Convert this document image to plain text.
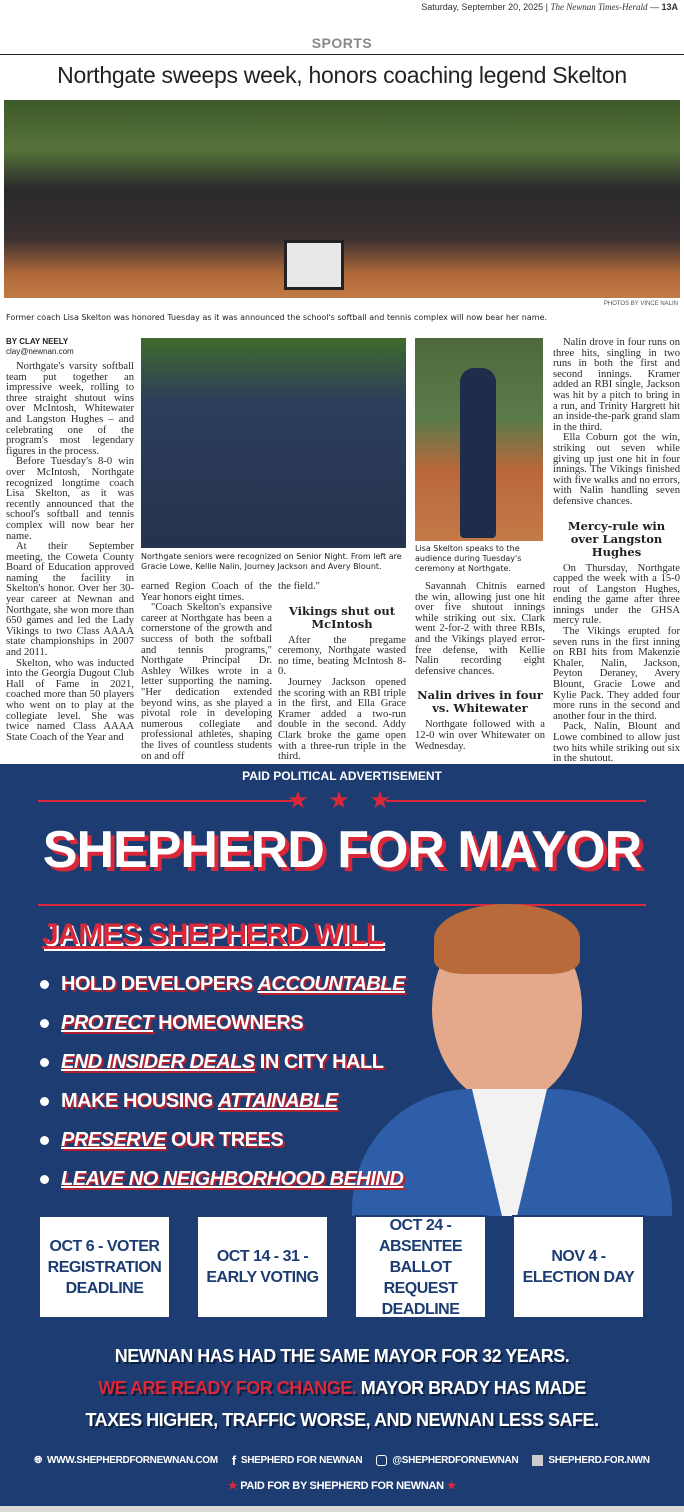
Saturday, September 20, 2025 | The Newnan Times-Herald — 13A
SPORTS
Northgate sweeps week, honors coaching legend Skelton
PHOTOS BY VINCE NALIN
Former coach Lisa Skelton was honored Tuesday as it was announced the school's softball and tennis complex will now bear her name.
BY CLAY NEELY
clay@newnan.com

Northgate's varsity softball team put together an impressive week, rolling to three straight shutout wins over McIntosh, Whitewater and Langston Hughes – and celebrating one of the program's most legendary figures in the process.

Before Tuesday's 8-0 win over McIntosh, Northgate recognized longtime coach Lisa Skelton, as it was recently announced that the school's softball and tennis complex will now bear her name.

At their September meeting, the Coweta County Board of Education approved naming the facility in Skelton's honor. Over her 30-year career at Newnan and Northgate, she won more than 650 games and led the Lady Vikings to two Class AAAA state championships in 2007 and 2011.

Skelton, who was inducted into the Georgia Dugout Club Hall of Fame in 2021, coached more than 50 players who went on to play at the collegiate level. She was twice named Class AAAA State Coach of the Year and

Northgate seniors were recognized on Senior Night. From left are Gracie Lowe, Kellie Nalin, Journey Jackson and Avery Blount.

earned Region Coach of the Year honors eight times.

"Coach Skelton's expansive career at Northgate has been a cornerstone of the growth and success of both the softball and tennis programs," Northgate Principal Dr. Ashley Wilkes wrote in a letter supporting the naming. "Her dedication extended beyond wins, as she played a pivotal role in developing numerous collegiate and professional athletes, shaping the lives of countless students on and off

the field."

Vikings shut out McIntosh

After the pregame ceremony, Northgate wasted no time, beating McIntosh 8-0.

Journey Jackson opened the scoring with an RBI triple in the first, and Ella Grace Kramer added a two-run double in the second. Addy Clark broke the game open with a three-run triple in the third.

Lisa Skelton speaks to the audience during Tuesday's ceremony at Northgate.

Savannah Chitnis earned the win, allowing just one hit over five shutout innings while striking out six. Clark went 2-for-2 with three RBIs, and the Vikings played error-free defense, with Kellie Nalin recording eight defensive chances.

Nalin drives in four vs. Whitewater

Northgate followed with a 12-0 win over Whitewater on Wednesday.

Nalin drove in four runs on three hits, singling in two runs in both the first and second innings. Kramer added an RBI single, Jackson was hit by a pitch to bring in a run, and Trinity Hargrett hit an inside-the-park grand slam in the third.

Ella Coburn got the win, striking out seven while giving up just one hit in four innings. The Vikings finished with five walks and no errors, with Nalin handling seven defensive chances.

Mercy-rule win over Langston Hughes

On Thursday, Northgate capped the week with a 15-0 rout of Langston Hughes, ending the game after three innings under the GHSA mercy rule.

The Vikings erupted for seven runs in the first inning on RBI hits from Makenzie Khaler, Nalin, Jackson, Peyton Deraney, Avery Blount, Gracie Lowe and Kylie Pack. They added four more runs in the second and another four in the third.

Pack, Nalin, Blount and Lowe combined to allow just two hits while striking out six in the shutout.

PAID POLITICAL ADVERTISEMENT
★ ★ ★
SHEPHERD FOR MAYOR
JAMES SHEPHERD WILL
HOLD DEVELOPERS ACCOUNTABLE
PROTECT HOMEOWNERS
END INSIDER DEALS IN CITY HALL
MAKE HOUSING ATTAINABLE
PRESERVE OUR TREES
LEAVE NO NEIGHBORHOOD BEHIND
OCT 6 - VOTER REGISTRATION DEADLINE
OCT 14 - 31 - EARLY VOTING
OCT 24 - ABSENTEE BALLOT REQUEST DEADLINE
NOV 4 - ELECTION DAY
NEWNAN HAS HAD THE SAME MAYOR FOR 32 YEARS.
WE ARE READY FOR CHANGE. MAYOR BRADY HAS MADE
TAXES HIGHER, TRAFFIC WORSE, AND NEWNAN LESS SAFE.
🌐︎ WWW.SHEPHERDFORNEWNAN.COM f SHEPHERD FOR NEWNAN	@SHEPHERDFORNEWNAN	SHEPHERD.FOR.NWN
★ PAID FOR BY SHEPHERD FOR NEWNAN ★
